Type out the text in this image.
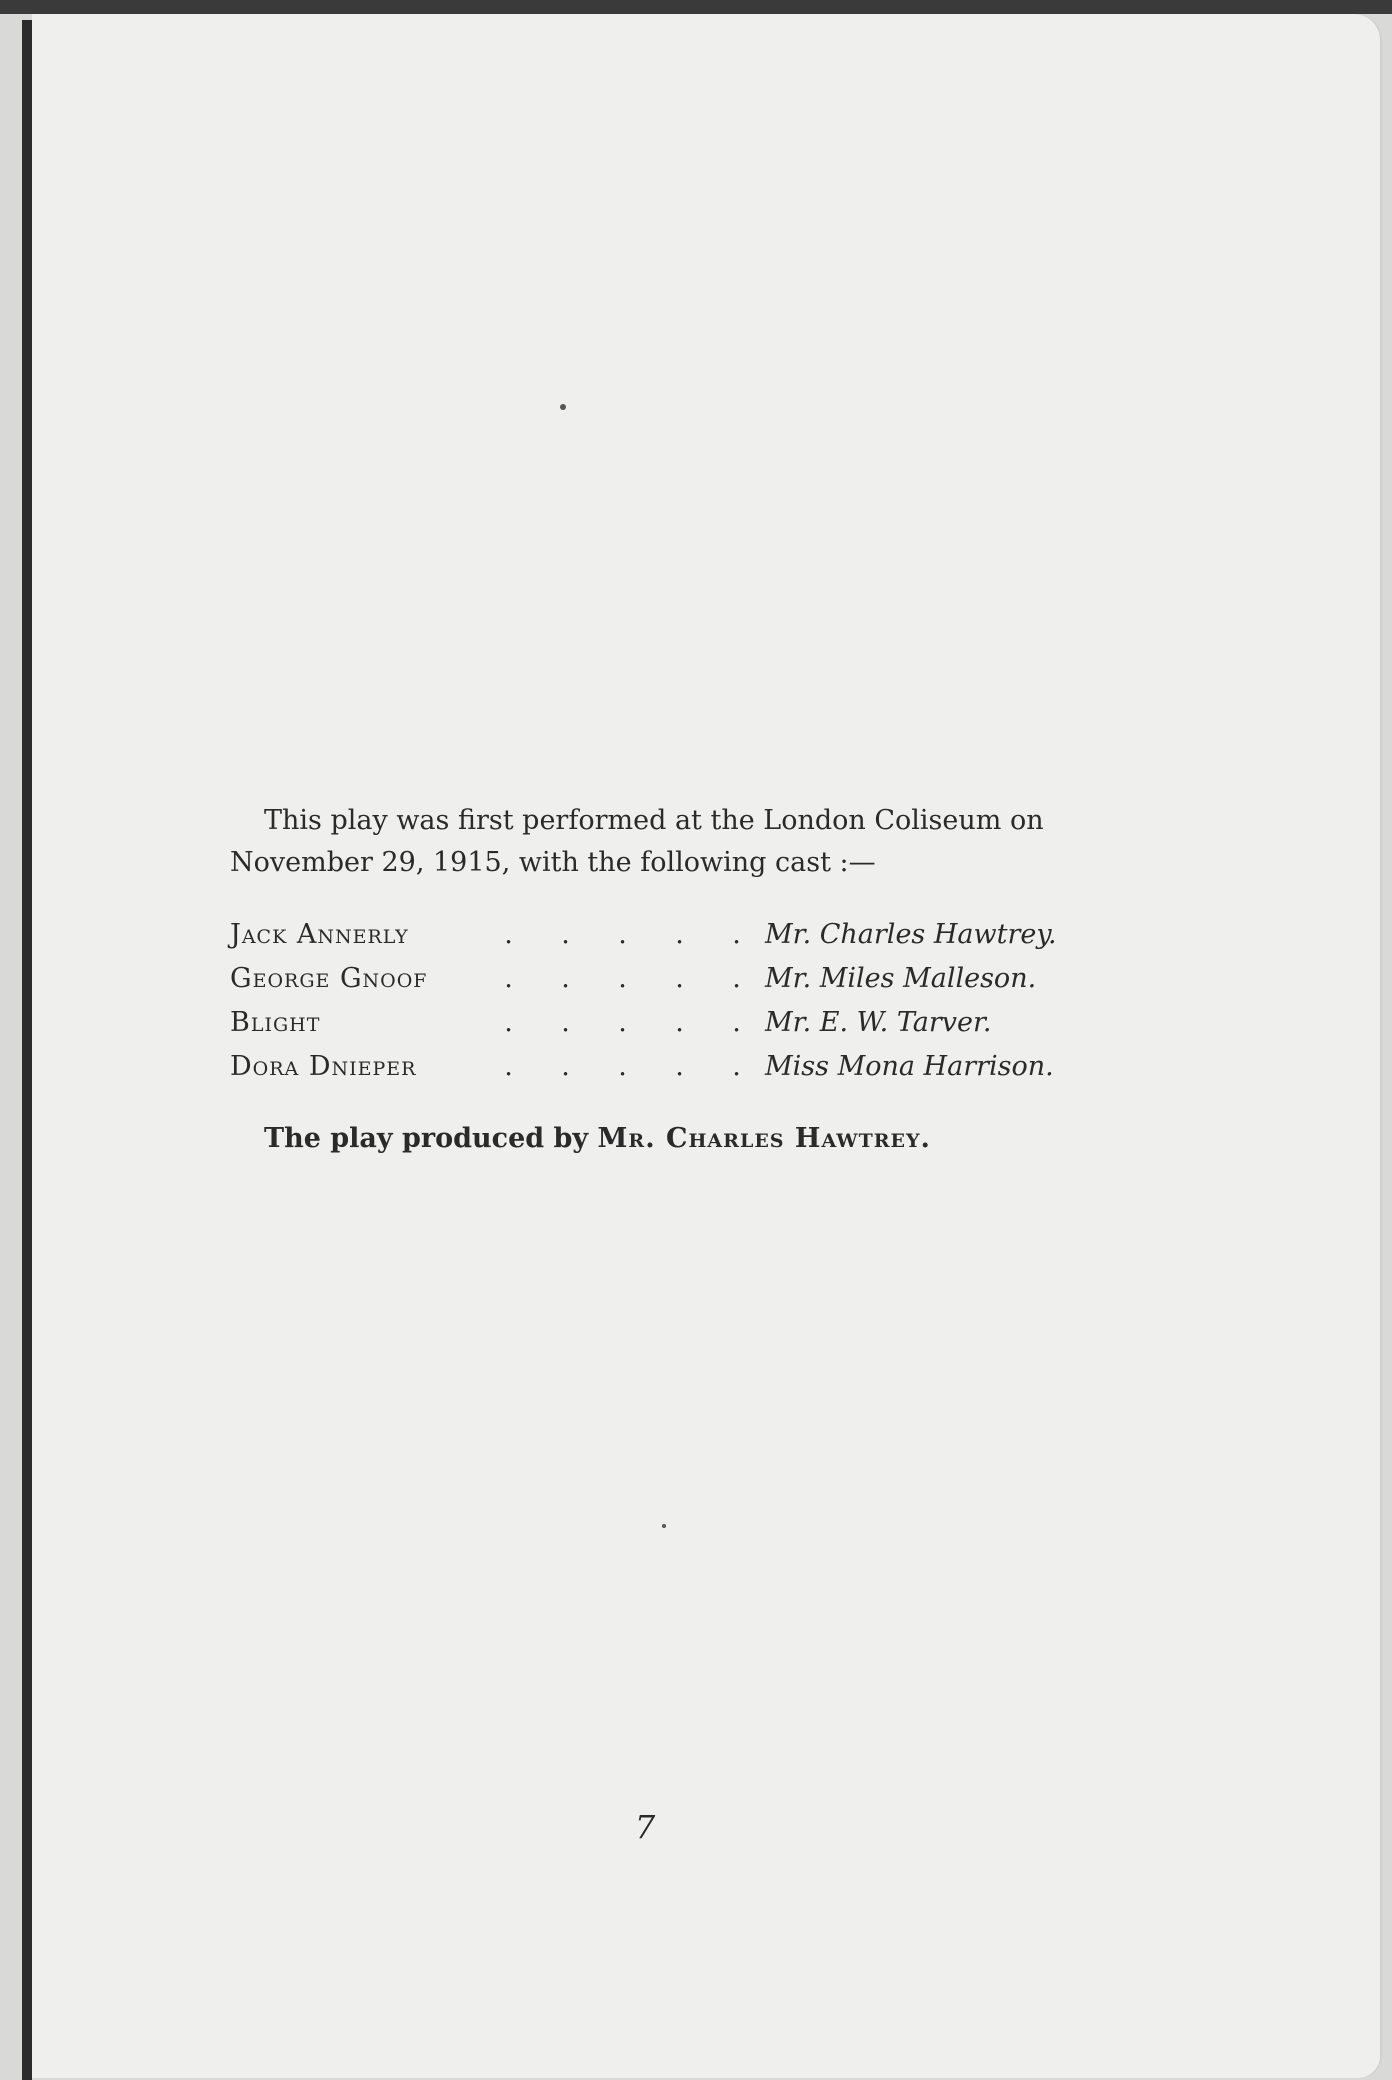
This play was first performed at the London Coliseum on November 29, 1915, with the following cast :—

Jack Annerly	. . . . .	Mr. Charles Hawtrey.
George Gnoof	. . . . .	Mr. Miles Malleson.
Blight	. . . . .	Mr. E. W. Tarver.
Dora Dnieper	. . . . .	Miss Mona Harrison.

The play produced by Mr. Charles Hawtrey.

7
